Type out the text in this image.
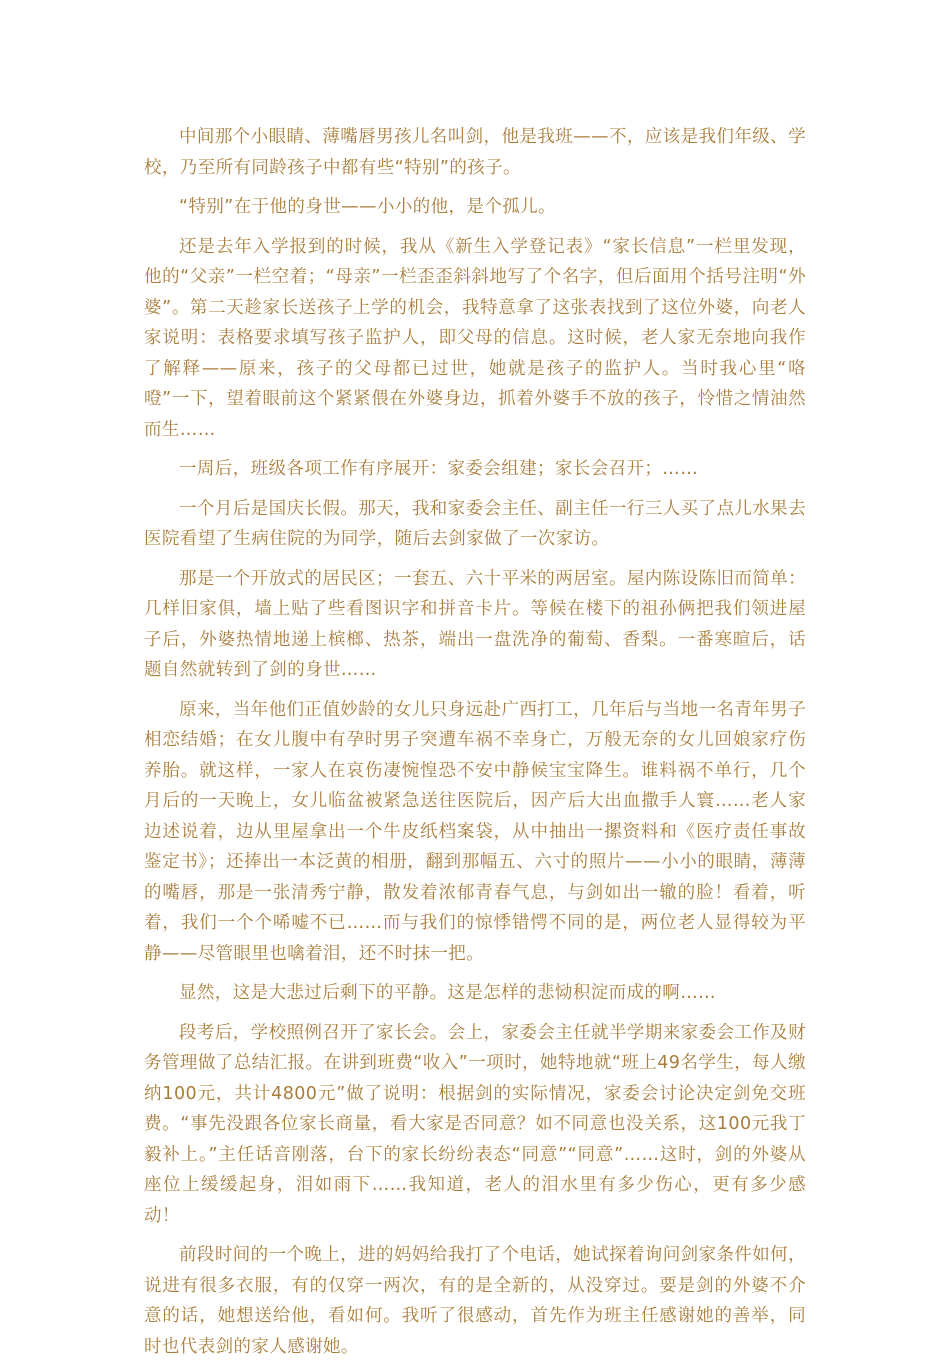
中间那个小眼睛、薄嘴唇男孩儿名叫剑，他是我班——不，应该是我们年级、学校，乃至所有同龄孩子中都有些“特别”的孩子。

“特别”在于他的身世——小小的他，是个孤儿。

还是去年入学报到的时候，我从《新生入学登记表》“家长信息”一栏里发现，他的“父亲”一栏空着；“母亲”一栏歪歪斜斜地写了个名字，但后面用个括号注明“外婆”。第二天趁家长送孩子上学的机会，我特意拿了这张表找到了这位外婆，向老人家说明：表格要求填写孩子监护人，即父母的信息。这时候，老人家无奈地向我作了解释——原来，孩子的父母都已过世，她就是孩子的监护人。当时我心里“咯噔”一下，望着眼前这个紧紧偎在外婆身边，抓着外婆手不放的孩子，怜惜之情油然而生……

一周后，班级各项工作有序展开：家委会组建；家长会召开；……

一个月后是国庆长假。那天，我和家委会主任、副主任一行三人买了点儿水果去医院看望了生病住院的为同学，随后去剑家做了一次家访。

那是一个开放式的居民区；一套五、六十平米的两居室。屋内陈设陈旧而简单：几样旧家俱，墙上贴了些看图识字和拼音卡片。等候在楼下的祖孙俩把我们领进屋子后，外婆热情地递上槟榔、热茶，端出一盘洗净的葡萄、香梨。一番寒暄后，话题自然就转到了剑的身世……

原来，当年他们正值妙龄的女儿只身远赴广西打工，几年后与当地一名青年男子相恋结婚；在女儿腹中有孕时男子突遭车祸不幸身亡，万般无奈的女儿回娘家疗伤养胎。就这样，一家人在哀伤凄惋惶恐不安中静候宝宝降生。谁料祸不单行，几个月后的一天晚上，女儿临盆被紧急送往医院后，因产后大出血撒手人寰……老人家边述说着，边从里屋拿出一个牛皮纸档案袋，从中抽出一摞资料和《医疗责任事故鉴定书》；还捧出一本泛黄的相册，翻到那幅五、六寸的照片——小小的眼睛，薄薄的嘴唇，那是一张清秀宁静，散发着浓郁青春气息，与剑如出一辙的脸！看着，听着，我们一个个唏嘘不已……而与我们的惊悸错愕不同的是，两位老人显得较为平静——尽管眼里也噙着泪，还不时抹一把。

显然，这是大悲过后剩下的平静。这是怎样的悲恸积淀而成的啊……

段考后，学校照例召开了家长会。会上，家委会主任就半学期来家委会工作及财务管理做了总结汇报。在讲到班费“收入”一项时，她特地就“班上49名学生，每人缴纳100元，共计4800元”做了说明：根据剑的实际情况，家委会讨论决定剑免交班费。“事先没跟各位家长商量，看大家是否同意？如不同意也没关系，这100元我丁毅补上。”主任话音刚落，台下的家长纷纷表态“同意”“同意”……这时，剑的外婆从座位上缓缓起身，泪如雨下……我知道，老人的泪水里有多少伤心，更有多少感动！

前段时间的一个晚上，进的妈妈给我打了个电话，她试探着询问剑家条件如何，说进有很多衣服，有的仅穿一两次，有的是全新的，从没穿过。要是剑的外婆不介意的话，她想送给他，看如何。我听了很感动，首先作为班主任感谢她的善举，同时也代表剑的家人感谢她。
